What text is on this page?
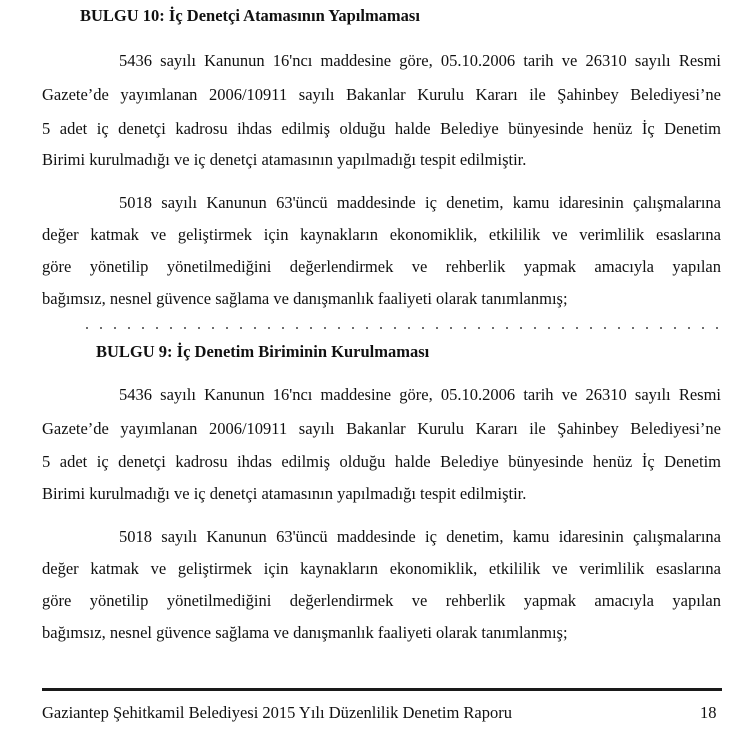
BULGU 10: İç Denetçi Atamasının Yapılmaması
5436 sayılı Kanunun 16'ncı maddesine göre, 05.10.2006 tarih ve 26310 sayılı Resmi
Gazete’de yayımlanan 2006/10911 sayılı Bakanlar Kurulu Kararı ile Şahinbey Belediyesi’ne
5 adet iç denetçi kadrosu ihdas edilmiş olduğu halde Belediye bünyesinde henüz İç Denetim
Birimi kurulmadığı ve iç denetçi atamasının yapılmadığı tespit edilmiştir.
5018 sayılı Kanunun 63'üncü maddesinde iç denetim, kamu idaresinin çalışmalarına
değer katmak ve geliştirmek için kaynakların ekonomiklik, etkililik ve verimlilik esaslarına
göre yönetilip yönetilmediğini değerlendirmek ve rehberlik yapmak amacıyla yapılan
bağımsız, nesnel güvence sağlama ve danışmanlık faaliyeti olarak tanımlanmış;
BULGU 9: İç Denetim Biriminin Kurulmaması
5436 sayılı Kanunun 16'ncı maddesine göre, 05.10.2006 tarih ve 26310 sayılı Resmi
Gazete’de yayımlanan 2006/10911 sayılı Bakanlar Kurulu Kararı ile Şahinbey Belediyesi’ne
5 adet iç denetçi kadrosu ihdas edilmiş olduğu halde Belediye bünyesinde henüz İç Denetim
Birimi kurulmadığı ve iç denetçi atamasının yapılmadığı tespit edilmiştir.
5018 sayılı Kanunun 63'üncü maddesinde iç denetim, kamu idaresinin çalışmalarına
değer katmak ve geliştirmek için kaynakların ekonomiklik, etkililik ve verimlilik esaslarına
göre yönetilip yönetilmediğini değerlendirmek ve rehberlik yapmak amacıyla yapılan
bağımsız, nesnel güvence sağlama ve danışmanlık faaliyeti olarak tanımlanmış;
Gaziantep Şehitkamil Belediyesi 2015 Yılı Düzenlilik Denetim Raporu	18
